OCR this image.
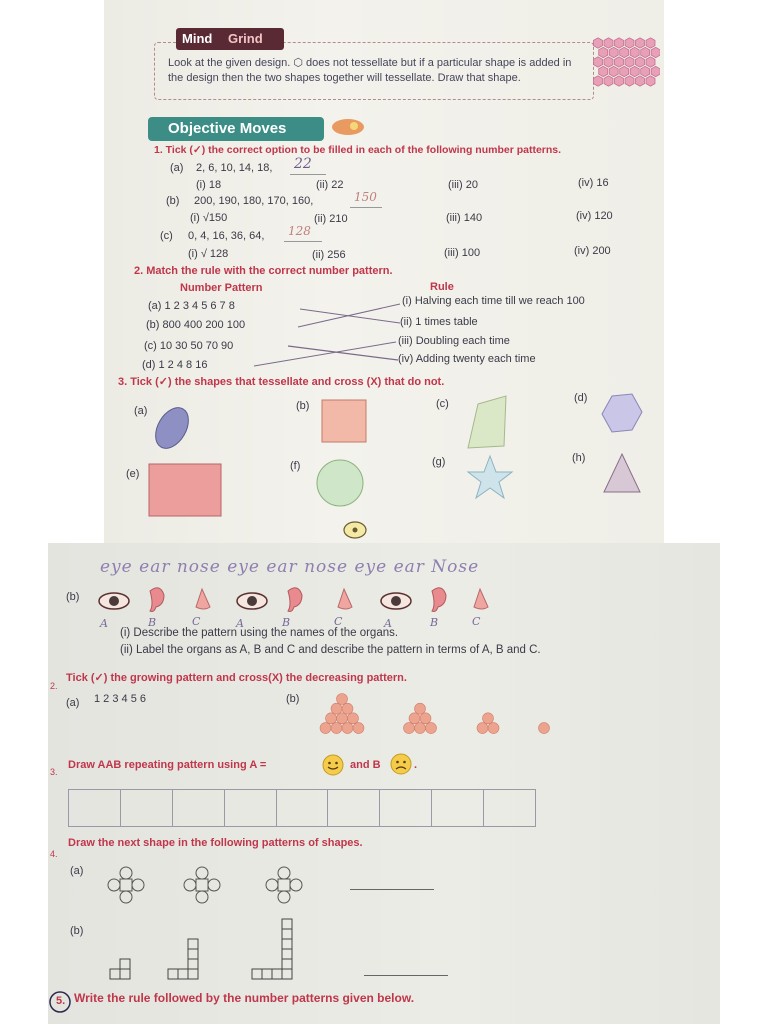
Mind Grind
Look at the given design. ⬡ does not tessellate but if a particular shape is added in the design then the two shapes together will tessellate. Draw that shape.
Objective Moves
1. Tick (✓) the correct option to be filled in each of the following number patterns.
(a) 2, 6, 10, 14, 18, 22
(i) 18	(ii) 22	(iii) 20	(iv) 16
(b) 200, 190, 180, 170, 160,	150
(i) √150	(ii) 210	(iii) 140	(iv) 120
(c) 0, 4, 16, 36, 64, 128
(i) √ 128	(ii) 256	(iii) 100	(iv) 200
2. Match the rule with the correct number pattern.
Number Pattern	Rule
(a) 1 2 3 4 5 6 7 8
(b) 800 400 200 100
(c) 10 30 50 70 90
(d) 1 2 4 8 16
(i) Halving each time till we reach 100
(ii) 1 times table
(iii) Doubling each time
(iv) Adding twenty each time
3. Tick (✓) the shapes that tessellate and cross (X) that do not.
(a)	(b)	(c)	(d)
(e)
(f)	(g)	(h)
eye ear nose eye ear nose eye ear Nose
(b)
A	B	C	A	B	C	A	B	C
(i) Describe the pattern using the names of the organs.
(ii) Label the organs as A, B and C and describe the pattern in terms of A, B and C.
2.
Tick (✓) the growing pattern and cross(X) the decreasing pattern.
(a) 1 2 3 4 5 6	(b)
3.
Draw AAB repeating pattern using A =	and B	.
4.
Draw the next shape in the following patterns of shapes.
(a)
(b)
5. Write the rule followed by the number patterns given below.
